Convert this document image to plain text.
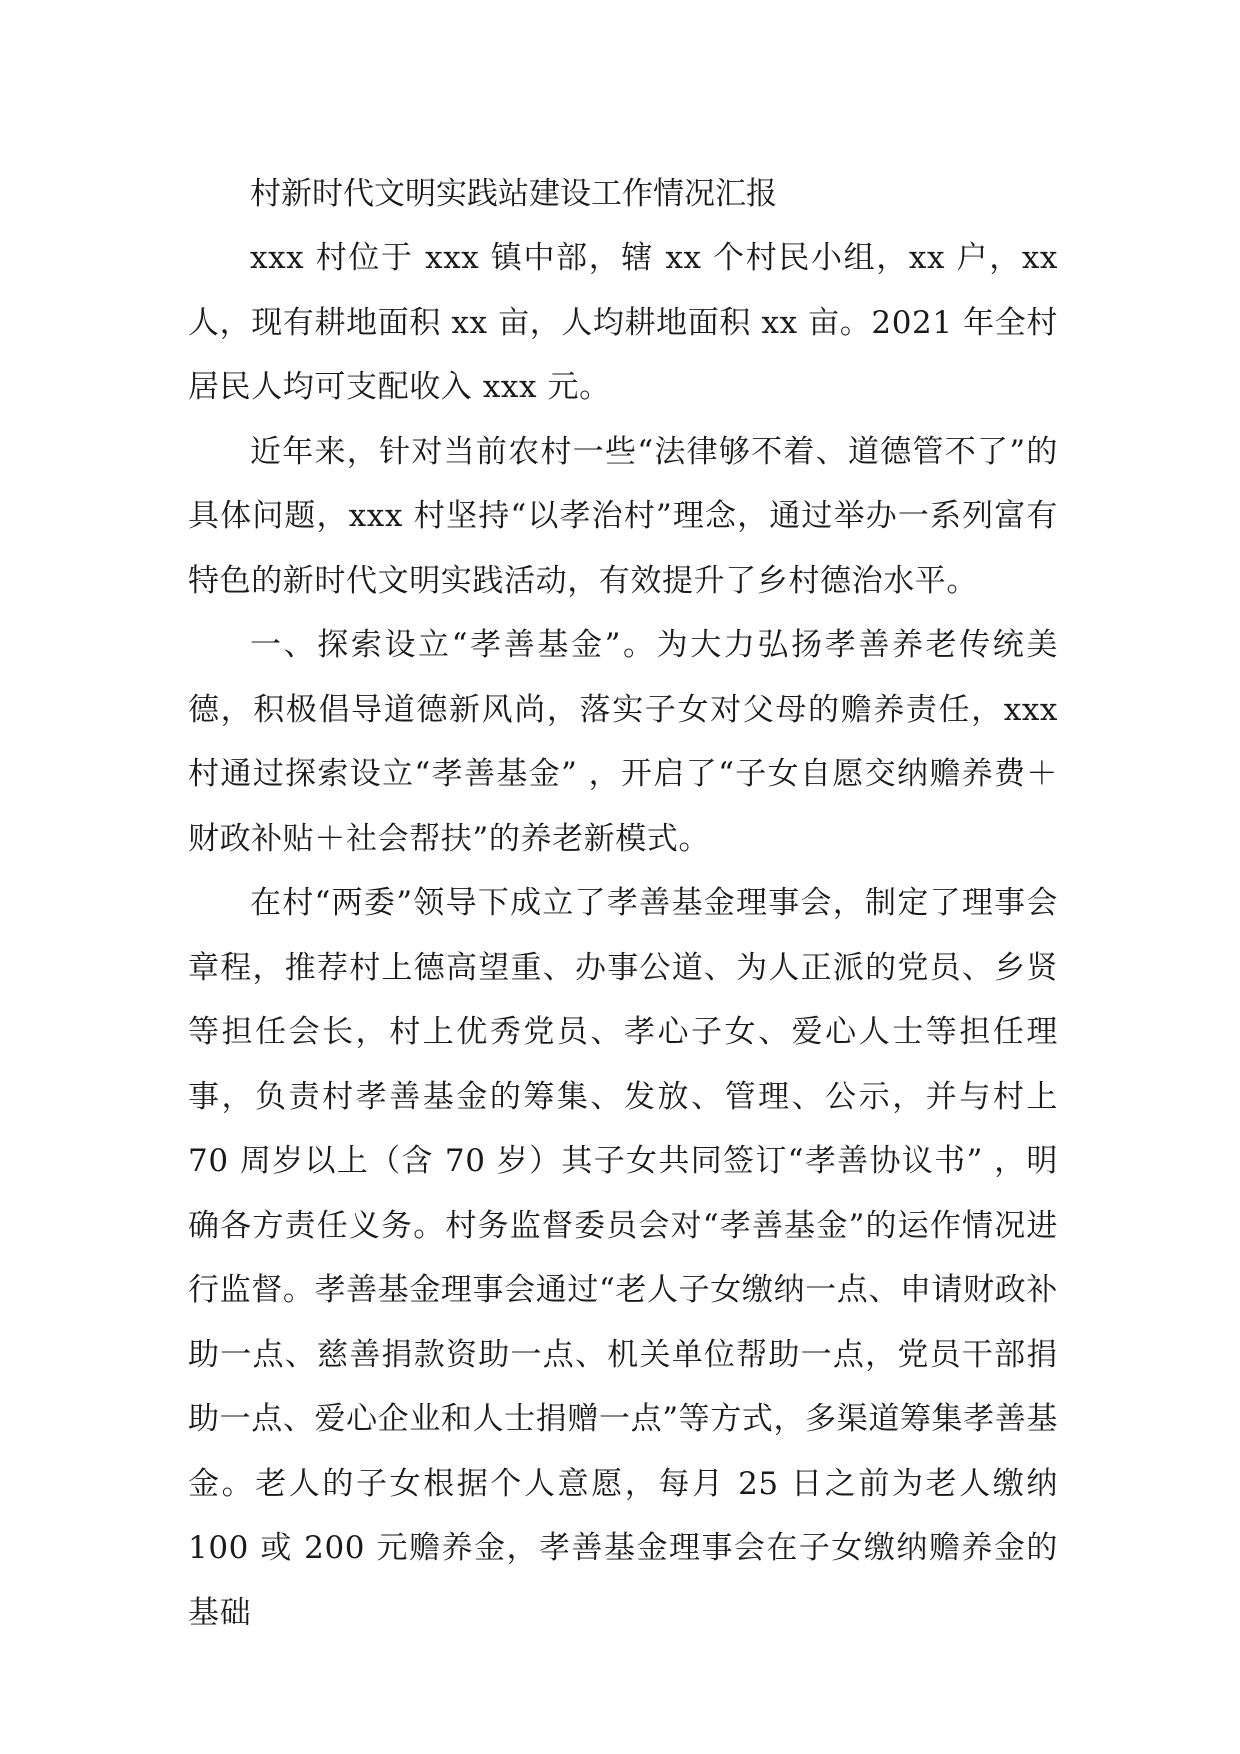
村新时代文明实践站建设工作情况汇报

xxx 村位于 xxx 镇中部，辖 xx 个村民小组，xx 户，xx 人，现有耕地面积 xx 亩，人均耕地面积 xx 亩。2021 年全村居民人均可支配收入 xxx 元。

近年来，针对当前农村一些“法律够不着、道德管不了”的具体问题，xxx 村坚持“以孝治村”理念，通过举办一系列富有特色的新时代文明实践活动，有效提升了乡村德治水平。

一、探索设立“孝善基金”。为大力弘扬孝善养老传统美德，积极倡导道德新风尚，落实子女对父母的赡养责任，xxx 村通过探索设立“孝善基金” ，开启了“子女自愿交纳赡养费＋财政补贴＋社会帮扶”的养老新模式。

在村“两委”领导下成立了孝善基金理事会，制定了理事会章程，推荐村上德高望重、办事公道、为人正派的党员、乡贤等担任会长，村上优秀党员、孝心子女、爱心人士等担任理事，负责村孝善基金的筹集、发放、管理、公示，并与村上 70 周岁以上（含 70 岁）其子女共同签订“孝善协议书” ，明确各方责任义务。村务监督委员会对“孝善基金”的运作情况进行监督。孝善基金理事会通过“老人子女缴纳一点、申请财政补助一点、慈善捐款资助一点、机关单位帮助一点，党员干部捐助一点、爱心企业和人士捐赠一点”等方式，多渠道筹集孝善基金。老人的子女根据个人意愿，每月 25 日之前为老人缴纳 100 或 200 元赡养金，孝善基金理事会在子女缴纳赡养金的基础
